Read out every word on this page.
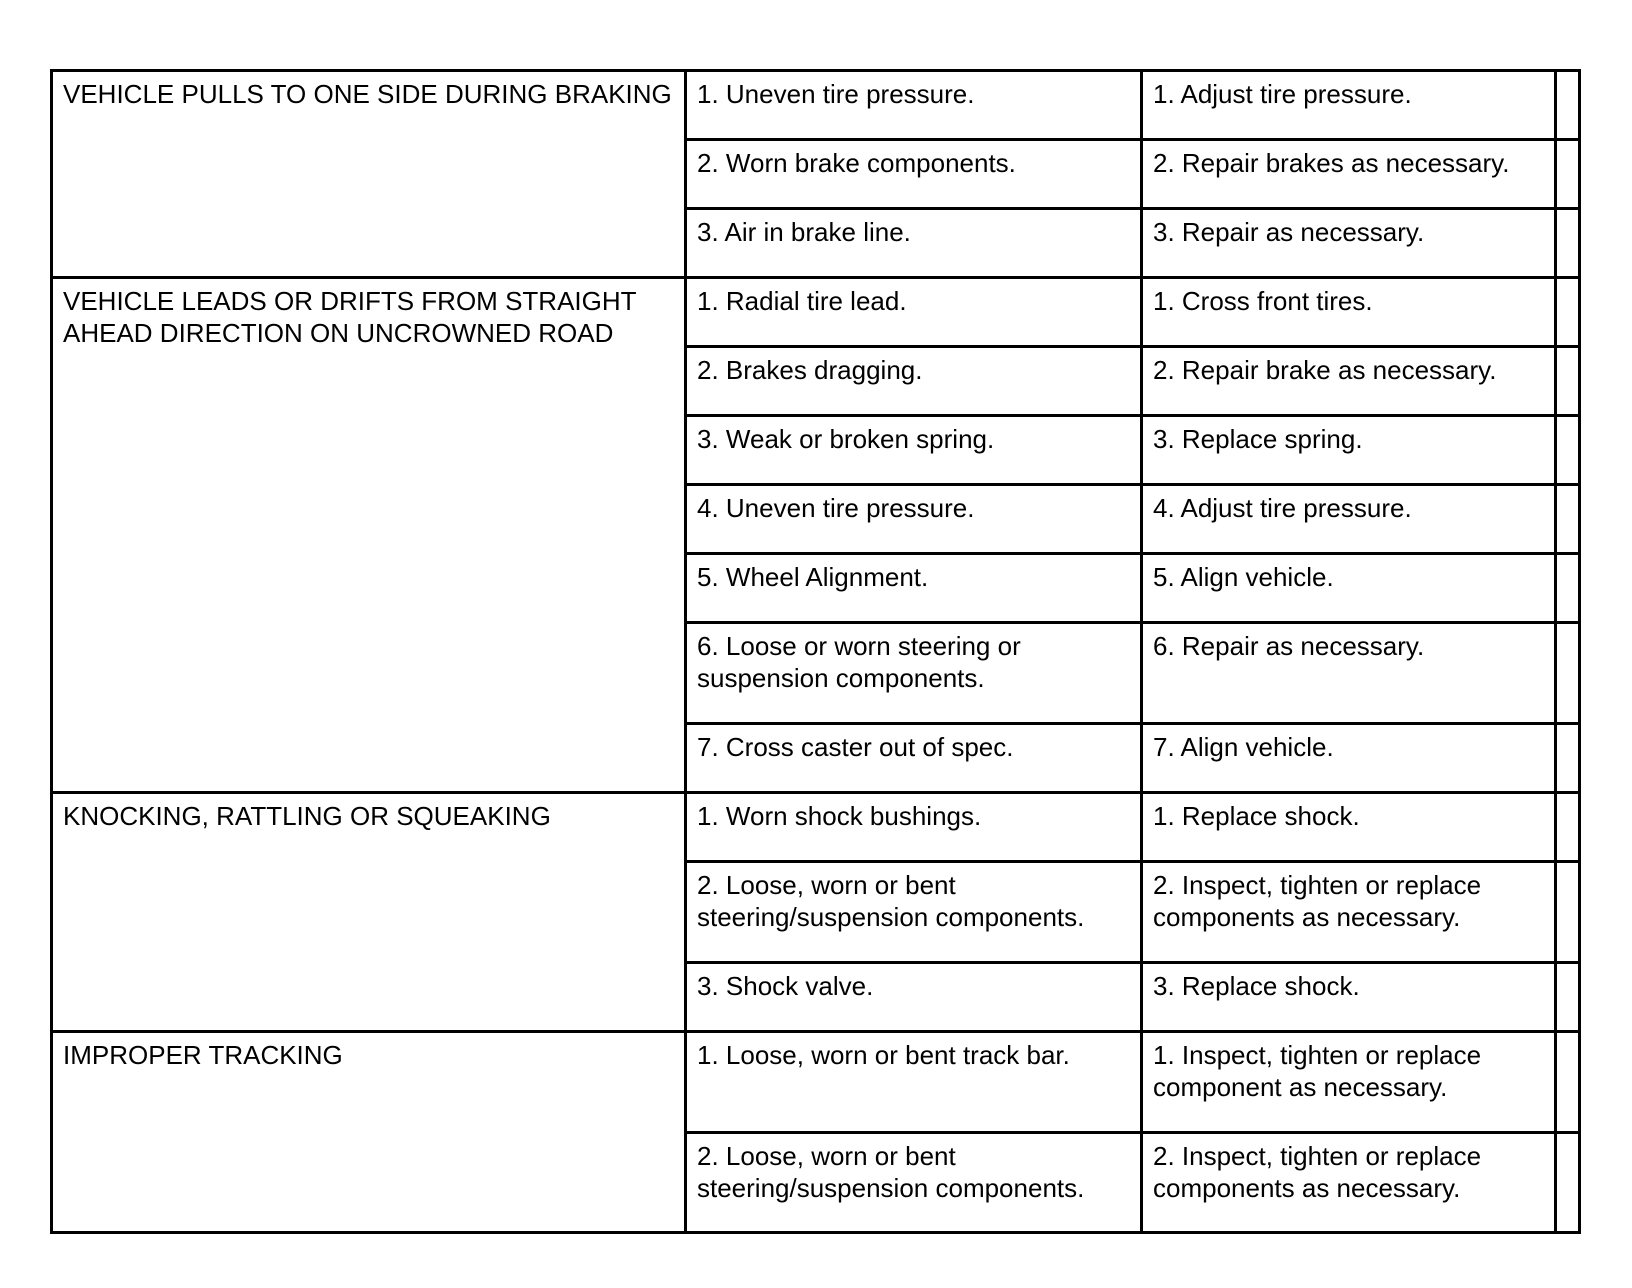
VEHICLE PULLS TO ONE SIDE DURING BRAKING	1. Uneven tire pressure.	1. Adjust tire pressure.	
	2. Worn brake components.	2. Repair brakes as necessary.	
	3. Air in brake line.	3. Repair as necessary.	
VEHICLE LEADS OR DRIFTS FROM STRAIGHT AHEAD DIRECTION ON UNCROWNED ROAD	1. Radial tire lead.	1. Cross front tires.	
	2. Brakes dragging.	2. Repair brake as necessary.	
	3. Weak or broken spring.	3. Replace spring.	
	4. Uneven tire pressure.	4. Adjust tire pressure.	
	5. Wheel Alignment.	5. Align vehicle.	
	6. Loose or worn steering or suspension components.	6. Repair as necessary.	
	7. Cross caster out of spec.	7. Align vehicle.	
KNOCKING, RATTLING OR SQUEAKING	1. Worn shock bushings.	1. Replace shock.	
	2. Loose, worn or bent steering/suspension components.	2. Inspect, tighten or replace components as necessary.	
	3. Shock valve.	3. Replace shock.	
IMPROPER TRACKING	1. Loose, worn or bent track bar.	1. Inspect, tighten or replace component as necessary.	
	2. Loose, worn or bent steering/suspension components.	2. Inspect, tighten or replace components as necessary.	
